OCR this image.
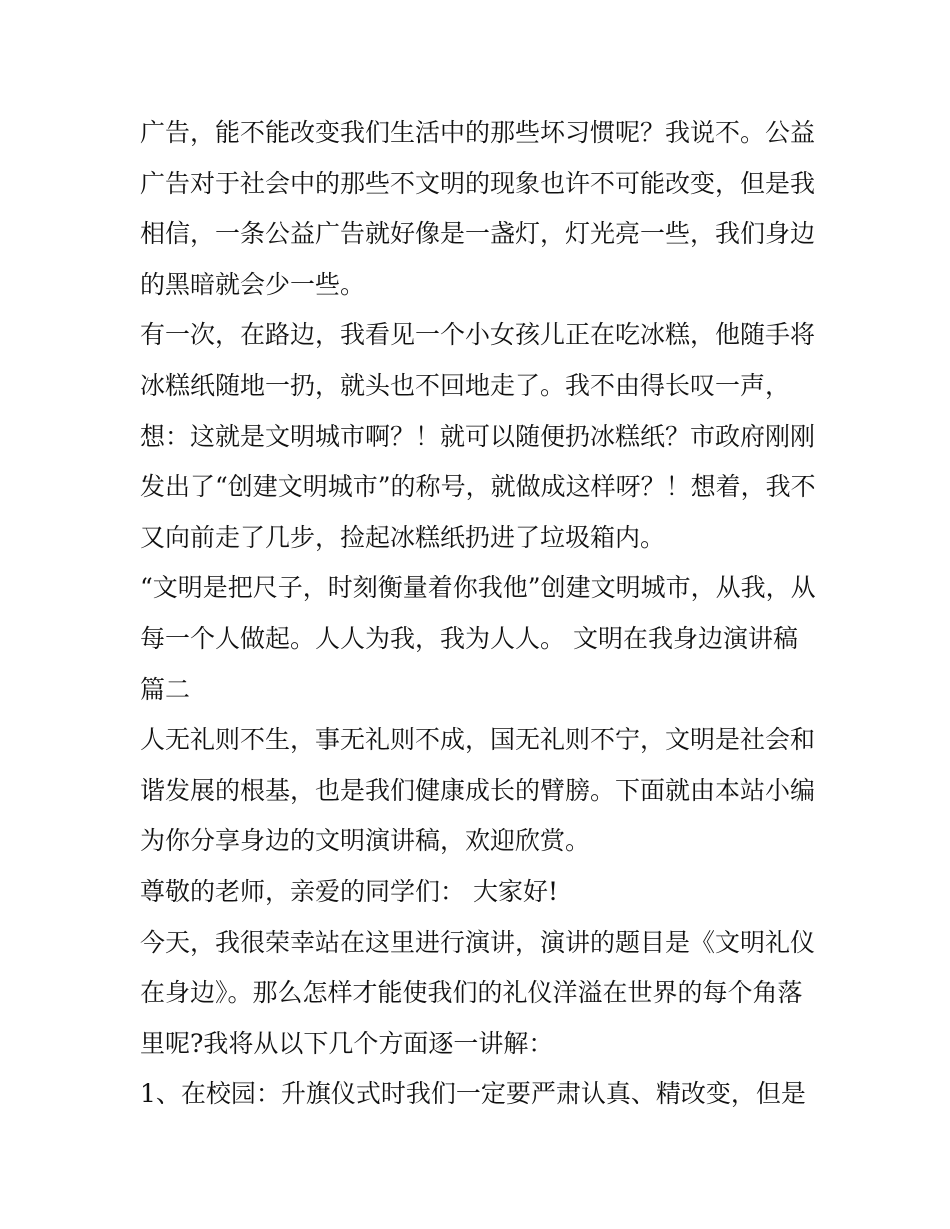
广告，能不能改变我们生活中的那些坏习惯呢？我说不。公益
广告对于社会中的那些不文明的现象也许不可能改变，但是我
相信，一条公益广告就好像是一盏灯，灯光亮一些，我们身边
的黑暗就会少一些。
有一次，在路边，我看见一个小女孩儿正在吃冰糕，他随手将
冰糕纸随地一扔，就头也不回地走了。我不由得长叹一声，
想：这就是文明城市啊？！就可以随便扔冰糕纸？市政府刚刚
发出了“创建文明城市”的称号，就做成这样呀？！想着，我不
又向前走了几步，捡起冰糕纸扔进了垃圾箱内。
“文明是把尺子，时刻衡量着你我他”创建文明城市，从我，从
每一个人做起。人人为我，我为人人。 文明在我身边演讲稿
篇二
人无礼则不生，事无礼则不成，国无礼则不宁，文明是社会和
谐发展的根基，也是我们健康成长的臂膀。下面就由本站小编
为你分享身边的文明演讲稿，欢迎欣赏。
尊敬的老师，亲爱的同学们： 大家好!
今天，我很荣幸站在这里进行演讲，演讲的题目是《文明礼仪
在身边》。那么怎样才能使我们的礼仪洋溢在世界的每个角落
里呢?我将从以下几个方面逐一讲解：
1、在校园：升旗仪式时我们一定要严肃认真、精改变，但是
